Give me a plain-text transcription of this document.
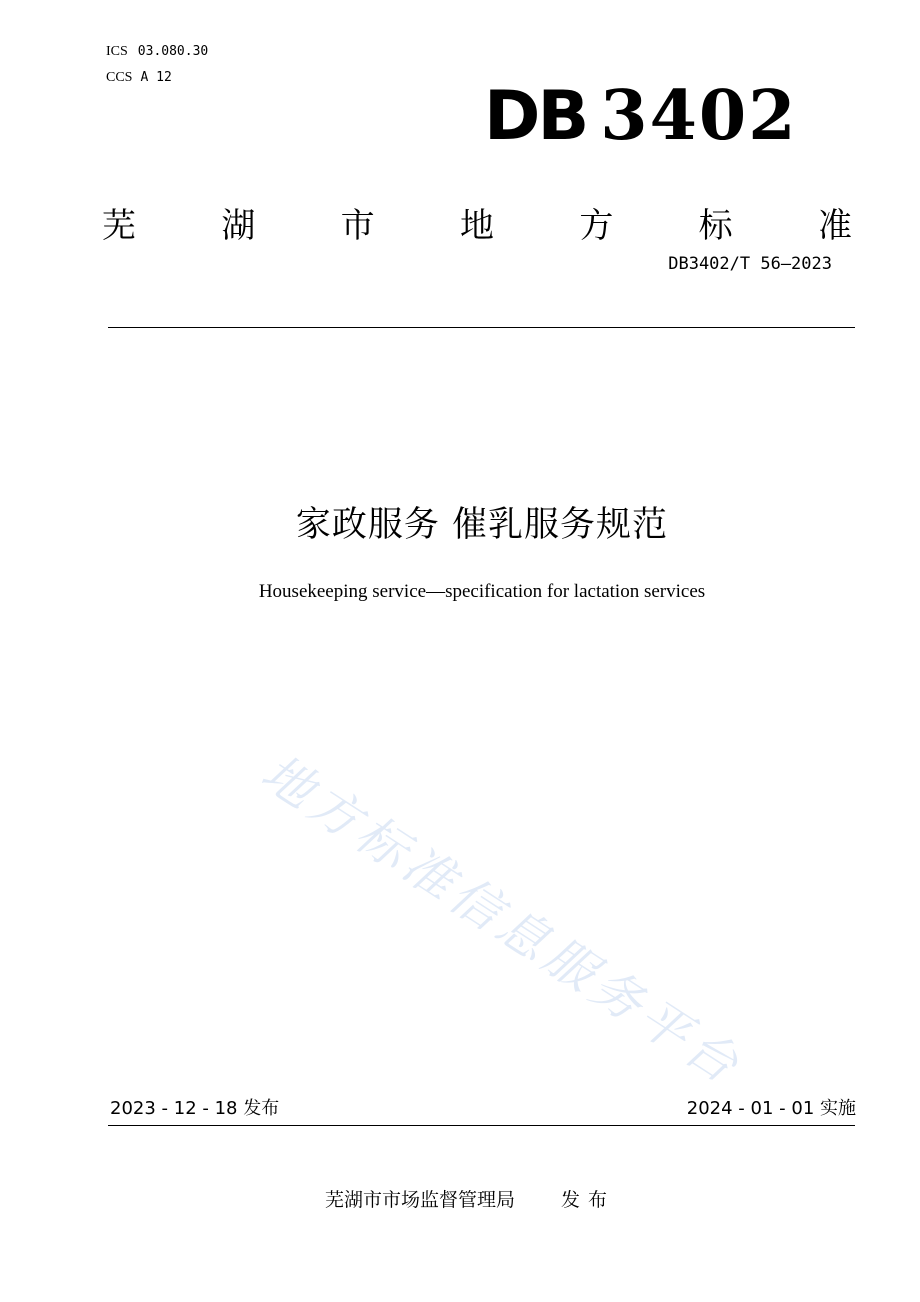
ICS 03.080.30
CCS A 12	DB 3402
芜	湖	市	地	方	标	准
DB3402/T 56—2023
家政服务 催乳服务规范
Housekeeping service—specification for lactation services
地方标准信息服务平台
2023 - 12 - 18 发布	2024 - 01 - 01 实施
芜湖市市场监督管理局 发布
